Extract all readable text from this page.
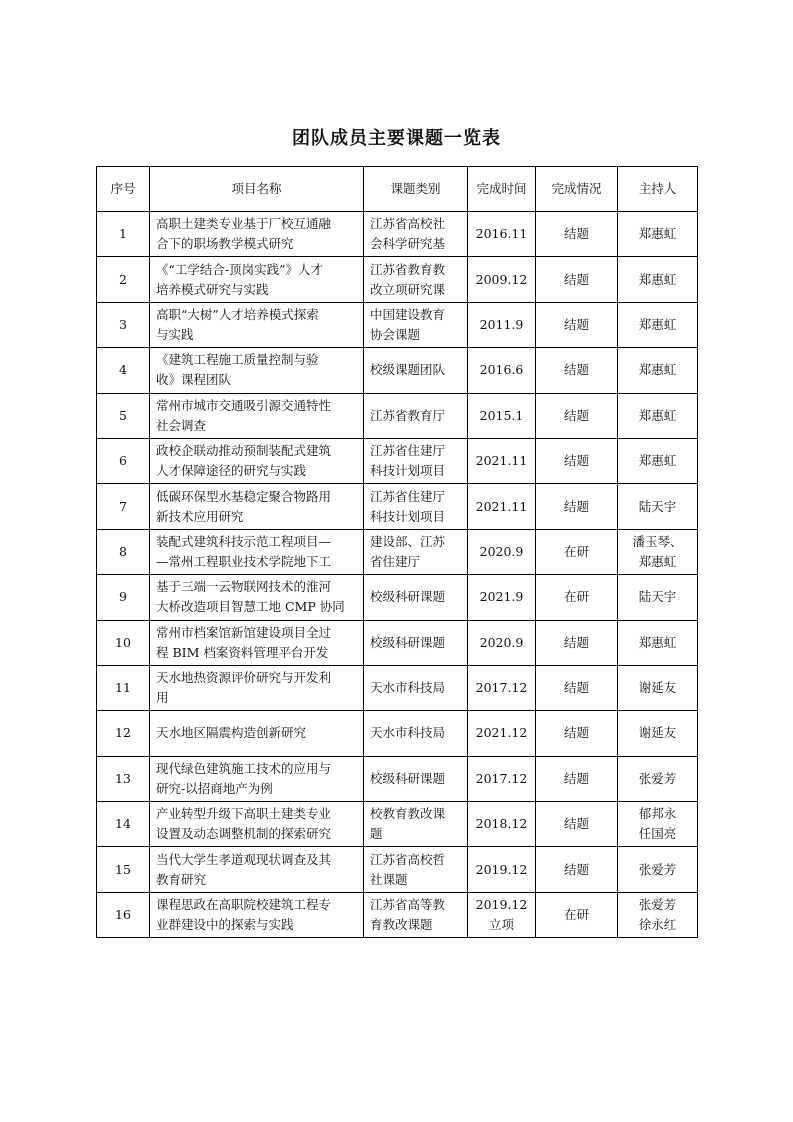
团队成员主要课题一览表
序号	项目名称	课题类别	完成时间	完成情况	主持人

1	高职土建类专业基于厂校互通融
合下的职场教学模式研究	江苏省高校社
会科学研究基	2016.11	结题	郑惠虹

2	《“工学结合-顶岗实践”》人才
培养模式研究与实践	江苏省教育教
改立项研究课	2009.12	结题	郑惠虹

3	高职“大树”人才培养模式探索
与实践	中国建设教育
协会课题	2011.9	结题	郑惠虹

4	《建筑工程施工质量控制与验
收》课程团队	校级课题团队	2016.6	结题	郑惠虹

5	常州市城市交通吸引源交通特性
社会调查	江苏省教育厅	2015.1	结题	郑惠虹

6	政校企联动推动预制装配式建筑
人才保障途径的研究与实践	江苏省住建厅
科技计划项目	2021.11	结题	郑惠虹

7	低碳环保型水基稳定聚合物路用
新技术应用研究	江苏省住建厅
科技计划项目	2021.11	结题	陆天宇

8	装配式建筑科技示范工程项目—
—常州工程职业技术学院地下工	建设部、江苏
省住建厅	2020.9	在研	潘玉琴、
郑惠虹

9	基于三端一云物联网技术的淮河
大桥改造项目智慧工地 CMP 协同	校级科研课题	2021.9	在研	陆天宇

10	常州市档案馆新馆建设项目全过
程 BIM 档案资料管理平台开发	校级科研课题	2020.9	结题	郑惠虹

11	天水地热资源评价研究与开发利
用	天水市科技局	2017.12	结题	谢延友

12	天水地区隔震构造创新研究	天水市科技局	2021.12	结题	谢延友

13	现代绿色建筑施工技术的应用与
研究-以招商地产为例	校级科研课题	2017.12	结题	张爱芳

14	产业转型升级下高职土建类专业
设置及动态调整机制的探索研究	校教育教改课
题	2018.12	结题	郁邦永
任国亮

15	当代大学生孝道观现状调查及其
教育研究	江苏省高校哲
社课题	2019.12	结题	张爱芳

16	课程思政在高职院校建筑工程专
业群建设中的探索与实践	江苏省高等教
育教改课题	2019.12
立项	在研	张爱芳
徐永红
